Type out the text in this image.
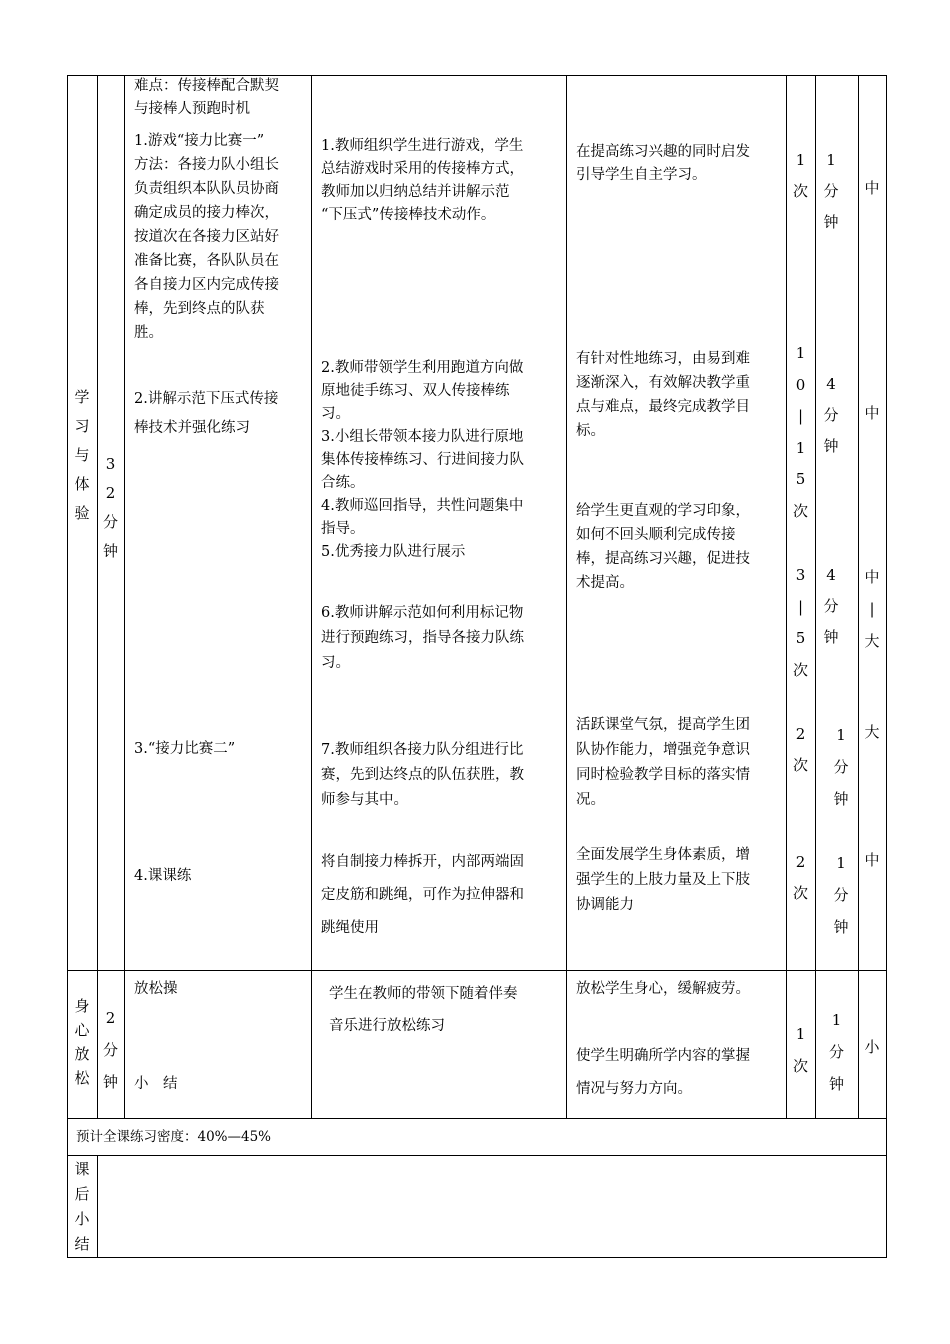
学
习
与
体
验
3
2
分
钟
难点：传接棒配合默契
与接棒人预跑时机
1.游戏“接力比赛一”
方法：各接力队小组长
负责组织本队队员协商
确定成员的接力棒次，
按道次在各接力区站好
准备比赛，各队队员在
各自接力区内完成传接
棒，先到终点的队获
胜。
2.讲解示范下压式传接
棒技术并强化练习
3.“接力比赛二”
4.课课练
1.教师组织学生进行游戏，学生
总结游戏时采用的传接棒方式，
教师加以归纳总结并讲解示范
“下压式”传接棒技术动作。
2.教师带领学生利用跑道方向做
原地徒手练习、双人传接棒练
习。
3.小组长带领本接力队进行原地
集体传接棒练习、行进间接力队
合练。
4.教师巡回指导，共性问题集中
指导。
5.优秀接力队进行展示
6.教师讲解示范如何利用标记物
进行预跑练习，指导各接力队练
习。
7.教师组织各接力队分组进行比
赛，先到达终点的队伍获胜，教
师参与其中。
将自制接力棒拆开，内部两端固
定皮筋和跳绳，可作为拉伸器和
跳绳使用
在提高练习兴趣的同时启发
引导学生自主学习。
有针对性地练习，由易到难
逐渐深入，有效解决教学重
点与难点，最终完成教学目
标。
给学生更直观的学习印象，
如何不回头顺利完成传接
棒，提高练习兴趣，促进技
术提高。
活跃课堂气氛，提高学生团
队协作能力，增强竞争意识
同时检验教学目标的落实情
况。
全面发展学生身体素质，增
强学生的上肢力量及上下肢
协调能力
1
次
1
0
|
1
5
次
3
|
5
次
2
次
2
次
1
分
钟
4
分
钟
4
分
钟
1
分
钟
1
分
钟
中
中
中
|
大
大
中
身
心
放
松
2
分
钟
放松操
小　结
学生在教师的带领下随着伴奏
音乐进行放松练习
放松学生身心，缓解疲劳。
使学生明确所学内容的掌握
情况与努力方向。
1
次
1
分
钟
小
预计全课练习密度：40%—45%
课
后
小
结
